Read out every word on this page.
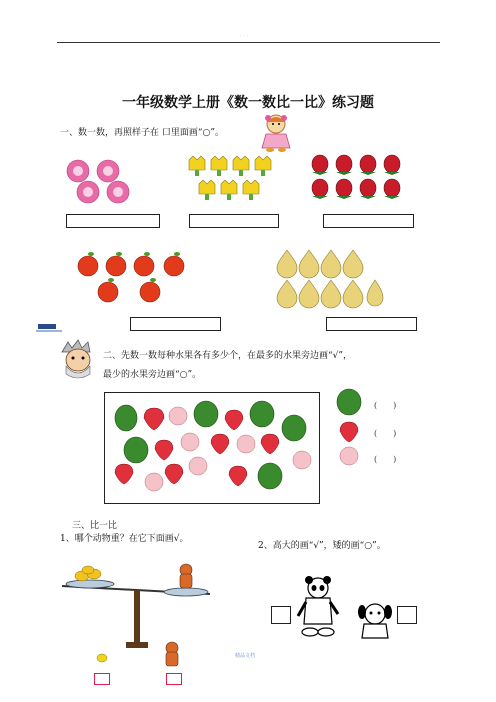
· · ·
一年级数学上册《数一数比一比》练习题
一、数一数，再照样子在 口里面画“○”。
二、先数一数每种水果各有多少个，在最多的水果旁边画“√”，
最少的水果旁边画“○”。
(　　)
(　　)
(　　)
三、比一比
1、哪个动物重？在它下面画√。
2、高大的画“√”，矮的画“○”。
精品文档
